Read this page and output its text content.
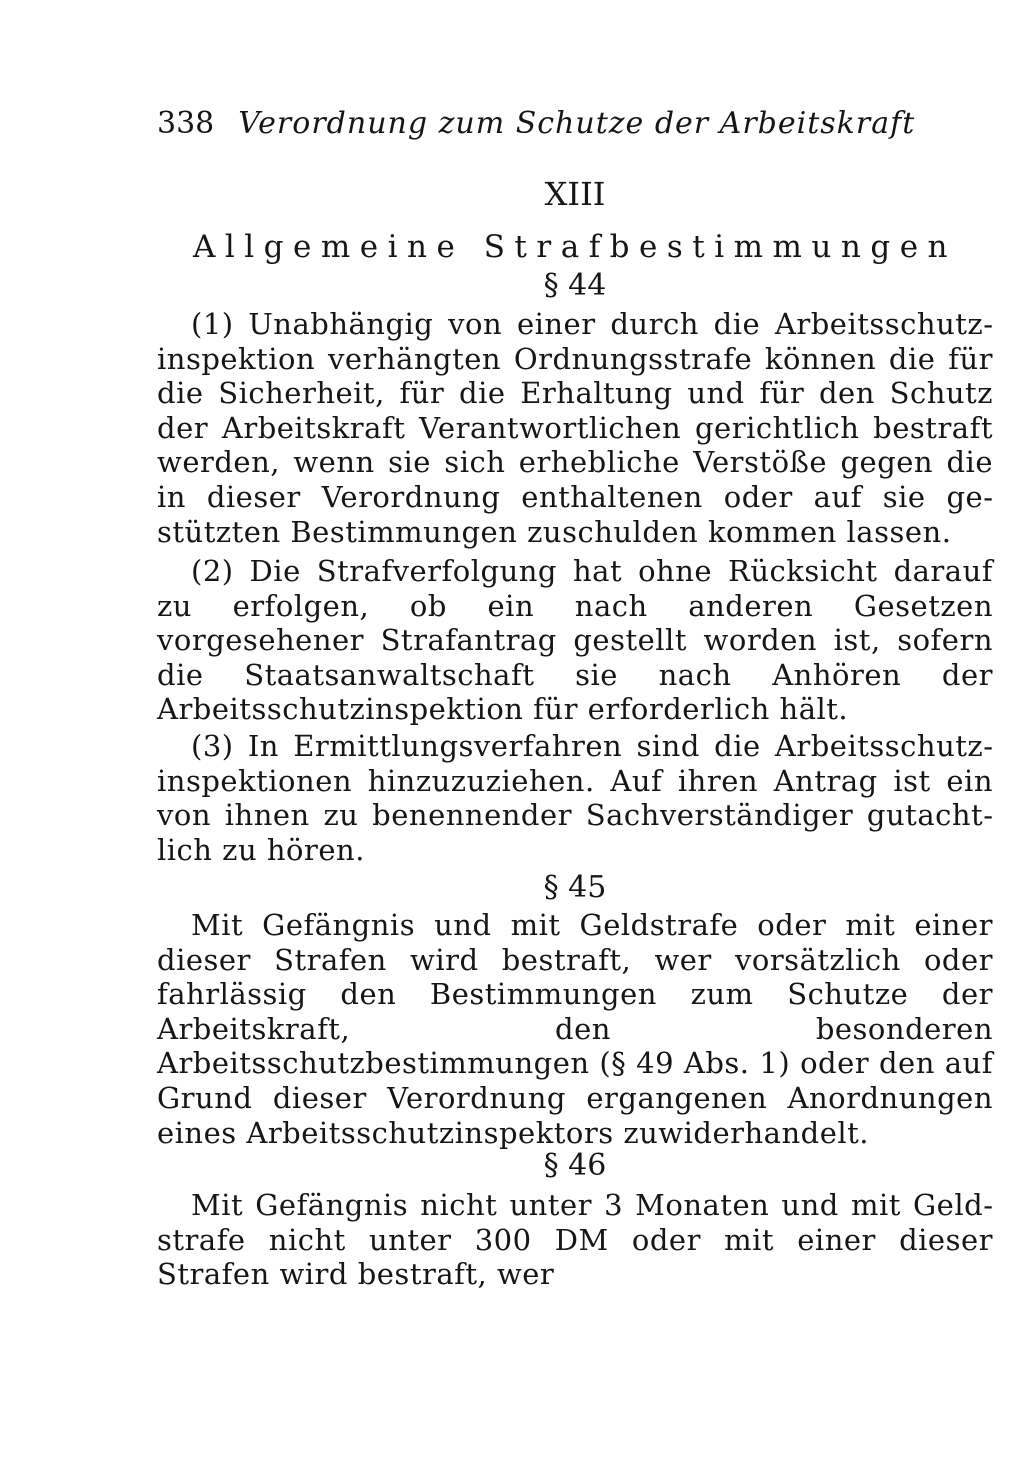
338 Verordnung zum Schutze der Arbeitskraft
XIII
Allgemeine Strafbestimmungen
§ 44

(1) Unabhängig von einer durch die Arbeitsschutzinspektion verhängten Ordnungsstrafe können die für die Sicherheit, für die Erhaltung und für den Schutz der Arbeitskraft Verantwortlichen gerichtlich bestraft werden, wenn sie sich erhebliche Verstöße gegen die in dieser Verordnung enthaltenen oder auf sie gestützten Bestimmungen zuschulden kommen lassen.

(2) Die Strafverfolgung hat ohne Rücksicht darauf zu erfolgen, ob ein nach anderen Gesetzen vorgesehener Strafantrag gestellt worden ist, sofern die Staatsanwaltschaft sie nach Anhören der Arbeitsschutzinspektion für erforderlich hält.

(3) In Ermittlungsverfahren sind die Arbeitsschutzinspektionen hinzuzuziehen. Auf ihren Antrag ist ein von ihnen zu benennender Sachverständiger gutachtlich zu hören.

§ 45

Mit Gefängnis und mit Geldstrafe oder mit einer dieser Strafen wird bestraft, wer vorsätzlich oder fahrlässig den Bestimmungen zum Schutze der Arbeitskraft, den besonderen Arbeitsschutzbestimmungen (§ 49 Abs. 1) oder den auf Grund dieser Verordnung ergangenen Anordnungen eines Arbeitsschutzinspektors zuwiderhandelt.

§ 46

Mit Gefängnis nicht unter 3 Monaten und mit Geldstrafe nicht unter 300 DM oder mit einer dieser Strafen wird bestraft, wer
